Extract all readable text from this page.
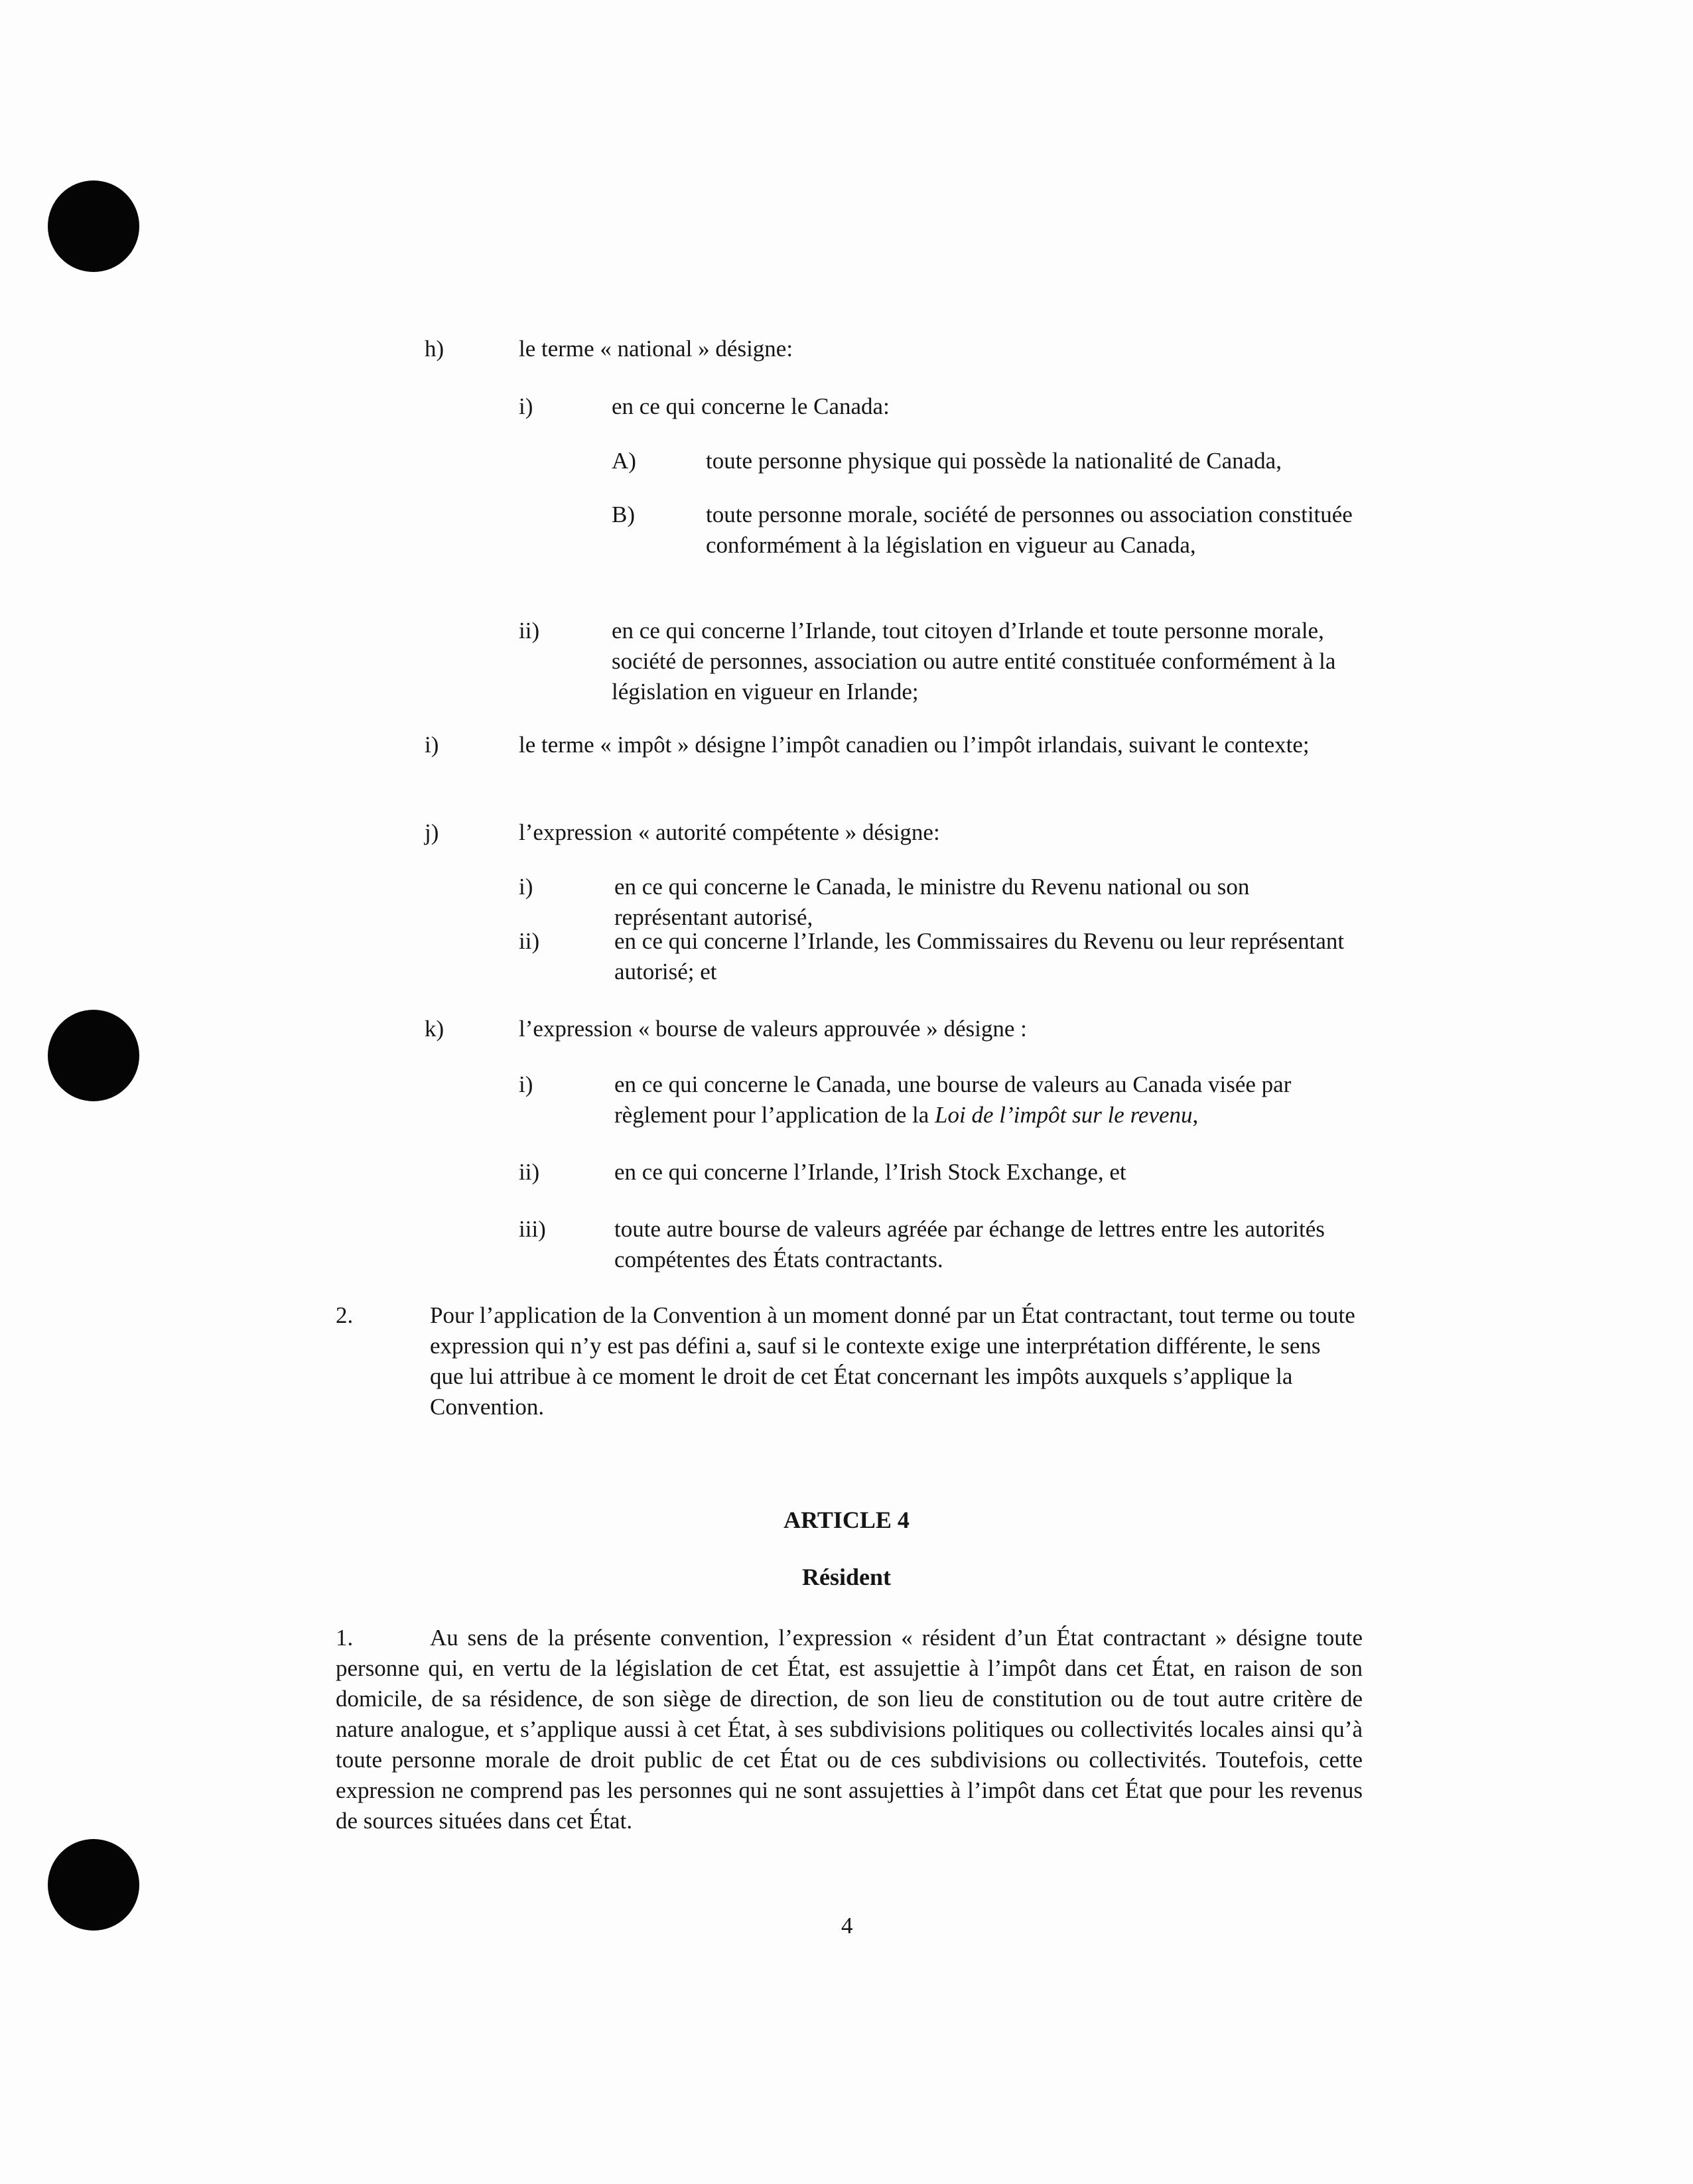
h)	le terme « national » désigne:
i)	en ce qui concerne le Canada:
A)	toute personne physique qui possède la nationalité de Canada,
B)	toute personne morale, société de personnes ou association constituée conformément à la législation en vigueur au Canada,

ii)	en ce qui concerne l’Irlande, tout citoyen d’Irlande et toute personne morale, société de personnes, association ou autre entité constituée conformément à la législation en vigueur en Irlande;

i)	le terme « impôt » désigne l’impôt canadien ou l’impôt irlandais, suivant le contexte;

j)	l’expression « autorité compétente » désigne:
i)	en ce qui concerne le Canada, le ministre du Revenu national ou son représentant autorisé,

ii)	en ce qui concerne l’Irlande, les Commissaires du Revenu ou leur représentant autorisé; et

k)	l’expression « bourse de valeurs approuvée » désigne :
i)	en ce qui concerne le Canada, une bourse de valeurs au Canada visée par règlement pour l’application de la Loi de l’impôt sur le revenu,

ii)	en ce qui concerne l’Irlande, l’Irish Stock Exchange, et
iii)	toute autre bourse de valeurs agréée par échange de lettres entre les autorités compétentes des États contractants.

2.	Pour l’application de la Convention à un moment donné par un État contractant, tout terme ou toute expression qui n’y est pas défini a, sauf si le contexte exige une interprétation différente, le sens que lui attribue à ce moment le droit de cet État concernant les impôts auxquels s’applique la Convention.

ARTICLE 4
Résident

1.	Au sens de la présente convention, l’expression « résident d’un État contractant » désigne toute personne qui, en vertu de la législation de cet État, est assujettie à l’impôt dans cet État, en raison de son domicile, de sa résidence, de son siège de direction, de son lieu de constitution ou de tout autre critère de nature analogue, et s’applique aussi à cet État, à ses subdivisions politiques ou collectivités locales ainsi qu’à toute personne morale de droit public de cet État ou de ces subdivisions ou collectivités. Toutefois, cette expression ne comprend pas les personnes qui ne sont assujetties à l’impôt dans cet État que pour les revenus de sources situées dans cet État.

4
